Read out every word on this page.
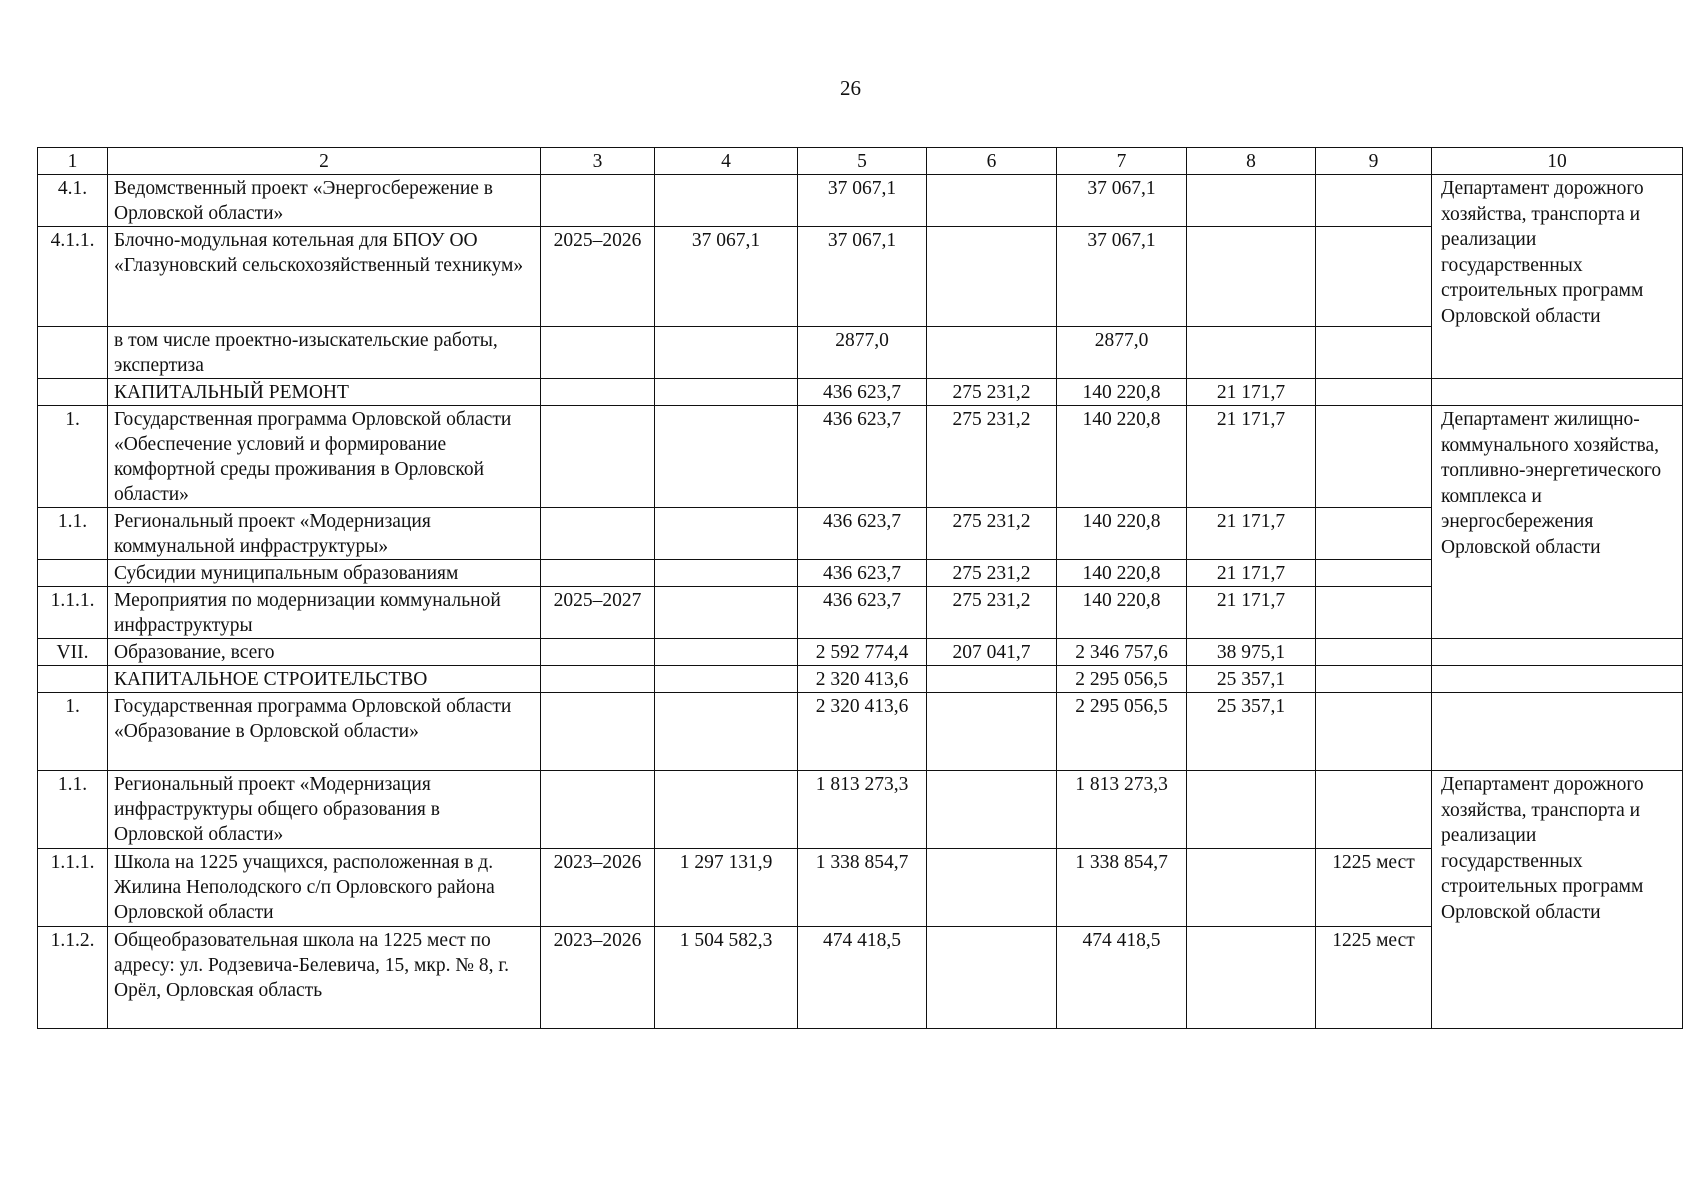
26
1	2	3	4	5	6	7	8	9	10
4.1.	Ведомственный проект «Энергосбережение в Орловской области»			37 067,1		37 067,1			Департамент дорожного хозяйства, транспорта и реализации государственных строительных программ Орловской области
4.1.1.	Блочно-модульная котельная для БПОУ ОО «Глазуновский сельскохозяйственный техникум»	2025–2026	37 067,1	37 067,1		37 067,1			
	в том числе проектно-изыскательские работы, экспертиза			2877,0		2877,0			
	КАПИТАЛЬНЫЙ РЕМОНТ			436 623,7	275 231,2	140 220,8	21 171,7		
1.	Государственная программа Орловской области «Обеспечение условий и формирование комфортной среды проживания в Орловской области»			436 623,7	275 231,2	140 220,8	21 171,7		Департамент жилищно-коммунального хозяйства, топливно-энергетического комплекса и энергосбережения Орловской области
1.1.	Региональный проект «Модернизация коммунальной инфраструктуры»			436 623,7	275 231,2	140 220,8	21 171,7		
	Субсидии муниципальным образованиям			436 623,7	275 231,2	140 220,8	21 171,7		
1.1.1.	Мероприятия по модернизации коммунальной инфраструктуры	2025–2027		436 623,7	275 231,2	140 220,8	21 171,7		
VII.	Образование, всего			2 592 774,4	207 041,7	2 346 757,6	38 975,1		
	КАПИТАЛЬНОЕ СТРОИТЕЛЬСТВО			2 320 413,6		2 295 056,5	25 357,1		
1.	Государственная программа Орловской области «Образование в Орловской области»			2 320 413,6		2 295 056,5	25 357,1		
1.1.	Региональный проект «Модернизация инфраструктуры общего образования в Орловской области»			1 813 273,3		1 813 273,3			Департамент дорожного хозяйства, транспорта и реализации государственных строительных программ Орловской области
1.1.1.	Школа на 1225 учащихся, расположенная в д. Жилина Неполодского с/п Орловского района Орловской области	2023–2026	1 297 131,9	1 338 854,7		1 338 854,7		1225 мест	
1.1.2.	Общеобразовательная школа на 1225 мест по адресу: ул. Родзевича-Белевича, 15, мкр. № 8, г. Орёл, Орловская область	2023–2026	1 504 582,3	474 418,5		474 418,5		1225 мест	
